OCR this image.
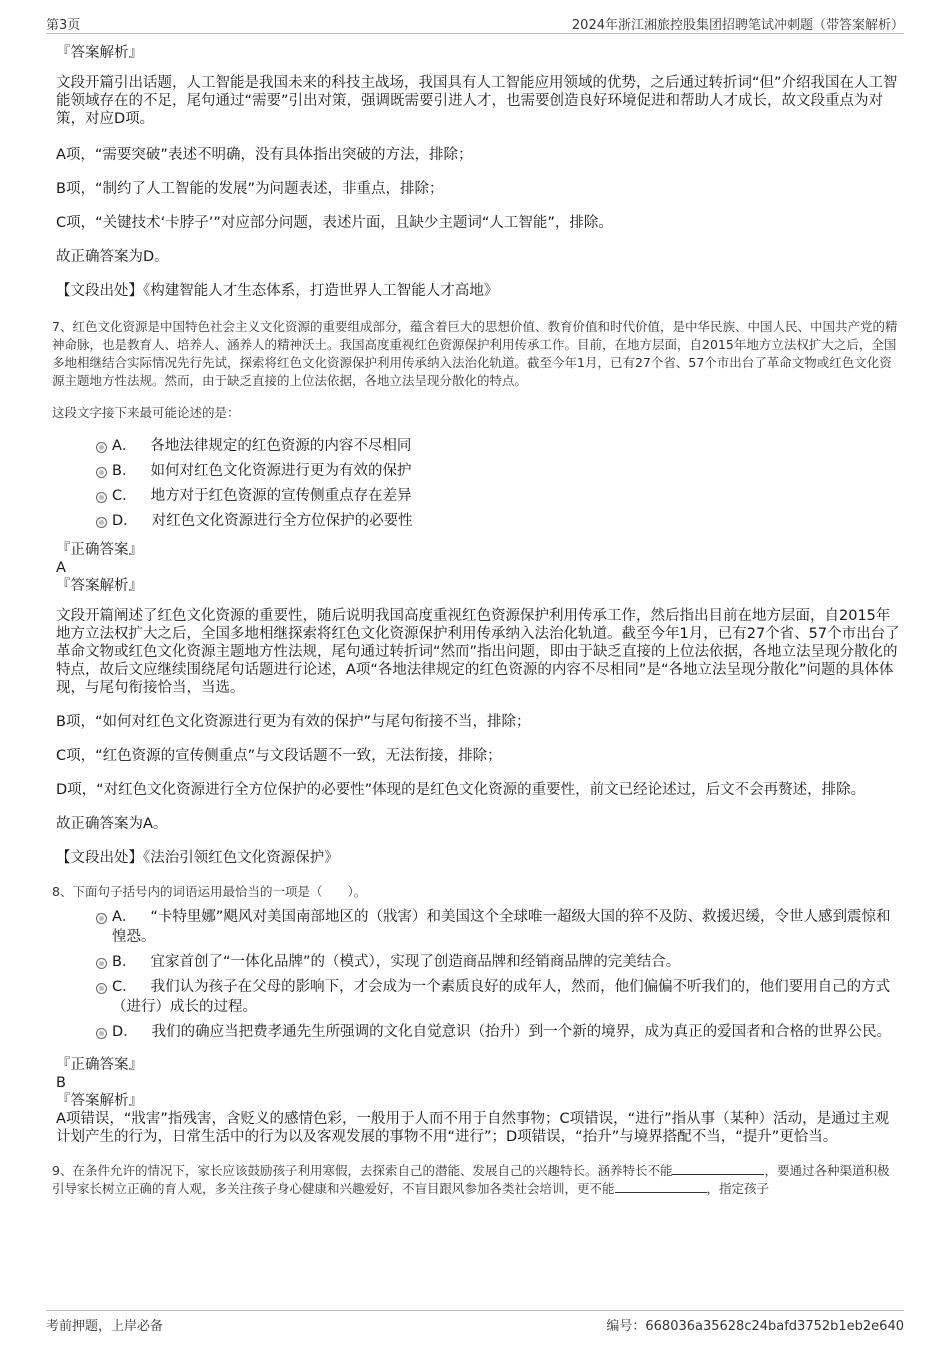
第3页	2024年浙江湘旅控股集团招聘笔试冲刺题（带答案解析）

『答案解析』

文段开篇引出话题，人工智能是我国未来的科技主战场，我国具有人工智能应用领域的优势，之后通过转折词“但”介绍我国在人工智能领域存在的不足，尾句通过“需要”引出对策，强调既需要引进人才，也需要创造良好环境促进和帮助人才成长，故文段重点为对策，对应D项。

A项，“需要突破”表述不明确，没有具体指出突破的方法，排除；

B项，“制约了人工智能的发展”为问题表述，非重点，排除；

C项，“关键技术‘卡脖子’”对应部分问题，表述片面，且缺少主题词“人工智能”，排除。

故正确答案为D。

【文段出处】《构建智能人才生态体系，打造世界人工智能人才高地》

7、红色文化资源是中国特色社会主义文化资源的重要组成部分，蕴含着巨大的思想价值、教育价值和时代价值，是中华民族、中国人民、中国共产党的精神命脉，也是教育人、培养人、涵养人的精神沃土。我国高度重视红色资源保护利用传承工作。目前，在地方层面，自2015年地方立法权扩大之后，全国多地相继结合实际情况先行先试，探索将红色文化资源保护利用传承纳入法治化轨道。截至今年1月，已有27个省、57个市出台了革命文物或红色文化资源主题地方性法规。然而，由于缺乏直接的上位法依据，各地立法呈现分散化的特点。

这段文字接下来最可能论述的是：

A． 各地法律规定的红色资源的内容不尽相同
B． 如何对红色文化资源进行更为有效的保护
C． 地方对于红色资源的宣传侧重点存在差异
D． 对红色文化资源进行全方位保护的必要性

『正确答案』

A

『答案解析』

文段开篇阐述了红色文化资源的重要性，随后说明我国高度重视红色资源保护利用传承工作，然后指出目前在地方层面，自2015年地方立法权扩大之后，全国多地相继探索将红色文化资源保护利用传承纳入法治化轨道。截至今年1月，已有27个省、57个市出台了革命文物或红色文化资源主题地方性法规，尾句通过转折词“然而”指出问题，即由于缺乏直接的上位法依据，各地立法呈现分散化的特点，故后文应继续围绕尾句话题进行论述，A项“各地法律规定的红色资源的内容不尽相同”是“各地立法呈现分散化”问题的具体体现，与尾句衔接恰当，当选。

B项，“如何对红色文化资源进行更为有效的保护”与尾句衔接不当，排除；

C项，“红色资源的宣传侧重点”与文段话题不一致，无法衔接，排除；

D项，“对红色文化资源进行全方位保护的必要性”体现的是红色文化资源的重要性，前文已经论述过，后文不会再赘述，排除。

故正确答案为A。

【文段出处】《法治引领红色文化资源保护》

8、下面句子括号内的词语运用最恰当的一项是（　　）。

A． “卡特里娜”飓风对美国南部地区的（戕害）和美国这个全球唯一超级大国的猝不及防、救援迟缓，令世人感到震惊和惶恐。
B． 宜家首创了“一体化品牌”的（模式），实现了创造商品牌和经销商品牌的完美结合。
C． 我们认为孩子在父母的影响下，才会成为一个素质良好的成年人，然而，他们偏偏不听我们的，他们要用自己的方式（进行）成长的过程。
D． 我们的确应当把费孝通先生所强调的文化自觉意识（抬升）到一个新的境界，成为真正的爱国者和合格的世界公民。

『正确答案』

B

『答案解析』

A项错误，“戕害”指残害，含贬义的感情色彩，一般用于人而不用于自然事物；C项错误，“进行”指从事（某种）活动，是通过主观计划产生的行为，日常生活中的行为以及客观发展的事物不用“进行”；D项错误，“抬升”与境界搭配不当，“提升”更恰当。

9、在条件允许的情况下，家长应该鼓励孩子利用寒假，去探索自己的潜能、发展自己的兴趣特长。涵养特长不能	，要通过各种渠道积极引导家长树立正确的育人观，多关注孩子身心健康和兴趣爱好，不盲目跟风参加各类社会培训，更不能	，指定孩子

考前押题，上岸必备	编号：668036a35628c24bafd3752b1eb2e640
